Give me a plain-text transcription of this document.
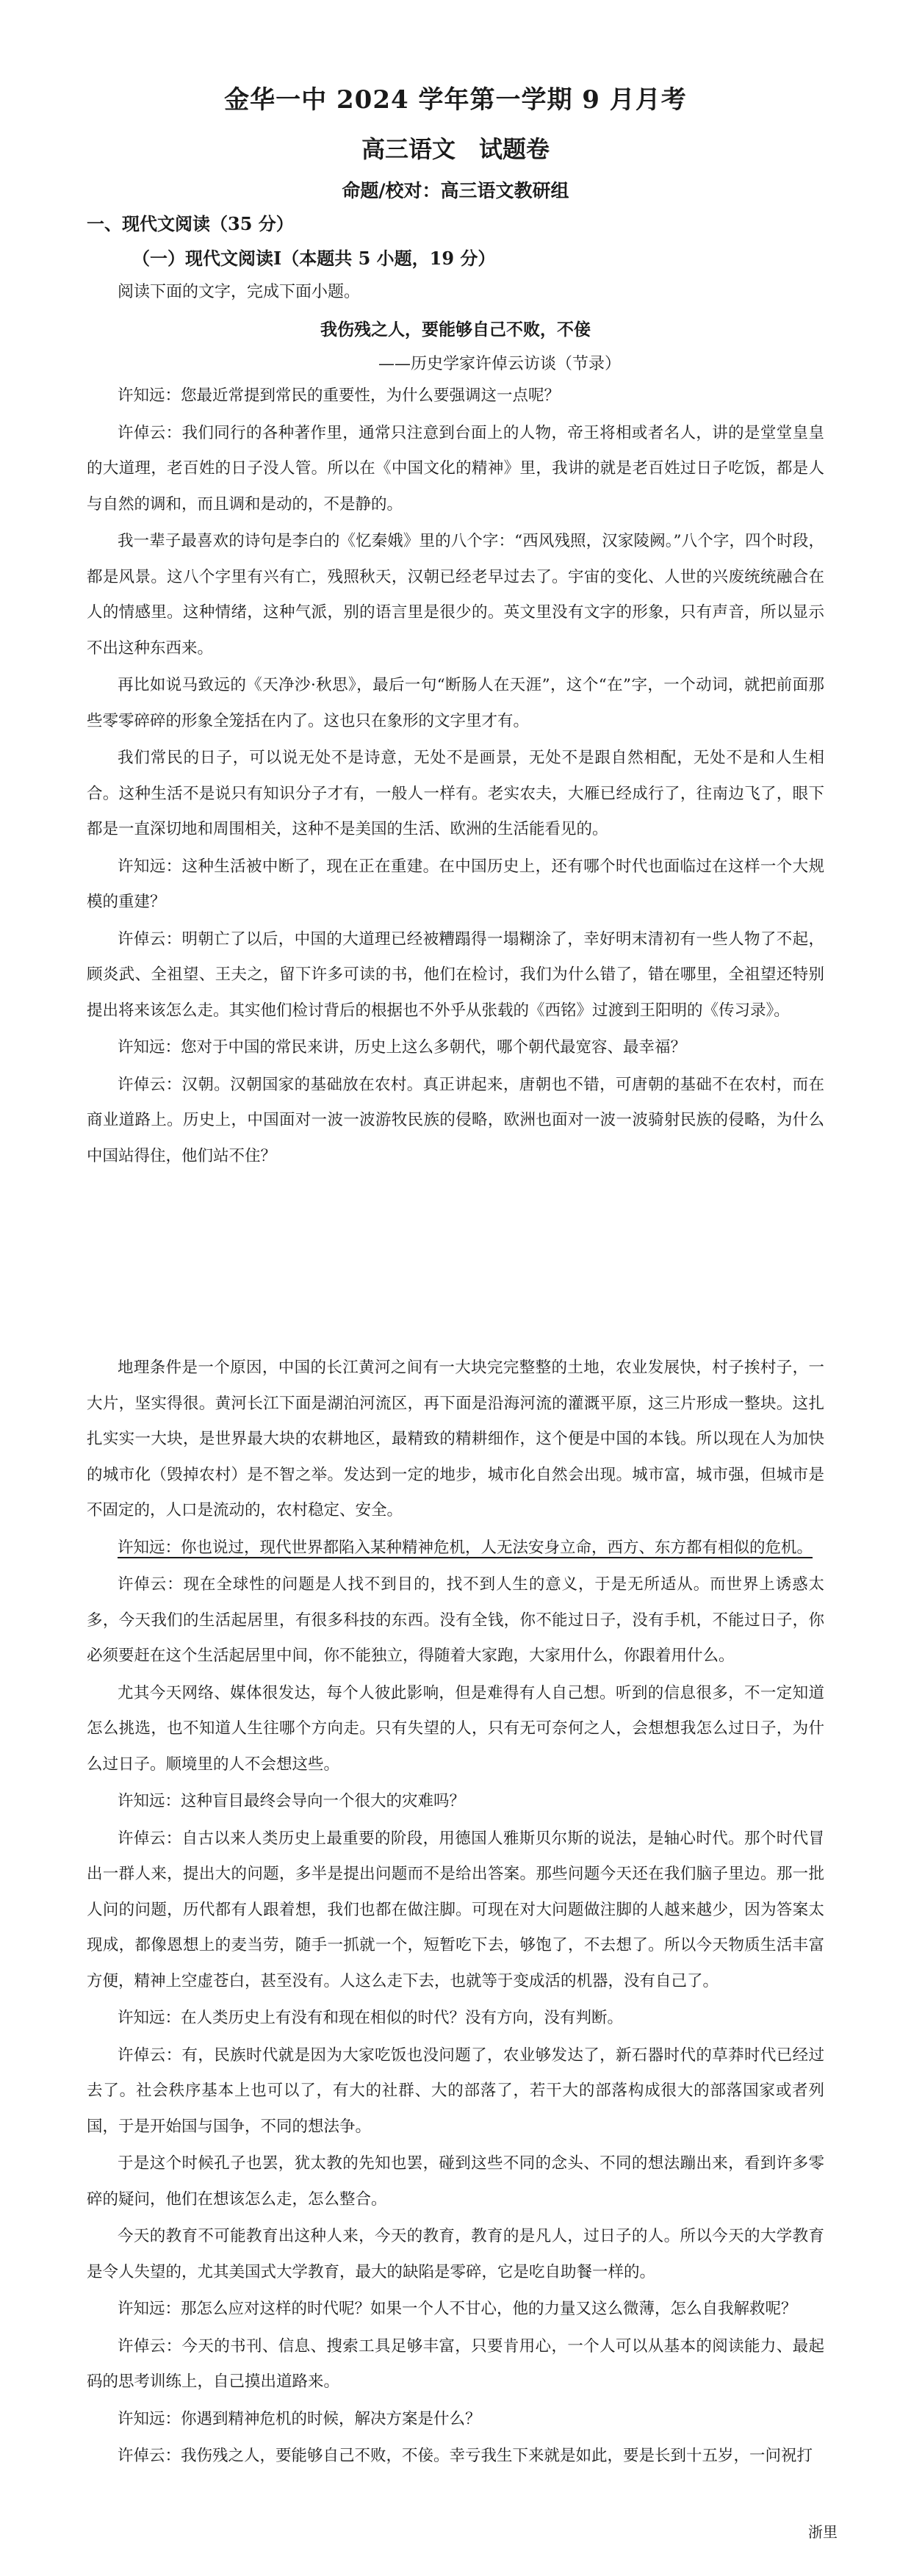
金华一中 2024 学年第一学期 9 月月考
高三语文　试题卷
命题/校对：高三语文教研组
一、现代文阅读（35 分）
（一）现代文阅读Ⅰ（本题共 5 小题，19 分）
阅读下面的文字，完成下面小题。
我伤残之人，要能够自己不败，不倿
——历史学家许倬云访谈（节录）

许知远：您最近常提到常民的重要性，为什么要强调这一点呢？

许倬云：我们同行的各种著作里，通常只注意到台面上的人物，帝王将相或者名人，讲的是堂堂皇皇的大道理，老百姓的日子没人管。所以在《中国文化的精神》里，我讲的就是老百姓过日子吃饭，都是人与自然的调和，而且调和是动的，不是静的。

我一辈子最喜欢的诗句是李白的《忆秦娥》里的八个字：“西风残照，汉家陵阙。”八个字，四个时段，都是风景。这八个字里有兴有亡，残照秋天，汉朝已经老早过去了。宇宙的变化、人世的兴废统统融合在人的情感里。这种情绪，这种气派，别的语言里是很少的。英文里没有文字的形象，只有声音，所以显示不出这种东西来。

再比如说马致远的《天净沙·秋思》，最后一句“断肠人在天涯”，这个“在”字，一个动词，就把前面那些零零碎碎的形象全笼括在内了。这也只在象形的文字里才有。

我们常民的日子，可以说无处不是诗意，无处不是画景，无处不是跟自然相配，无处不是和人生相合。这种生活不是说只有知识分子才有，一般人一样有。老实农夫，大雁已经成行了，往南边飞了，眼下都是一直深切地和周围相关，这种不是美国的生活、欧洲的生活能看见的。

许知远：这种生活被中断了，现在正在重建。在中国历史上，还有哪个时代也面临过在这样一个大规模的重建？

许倬云：明朝亡了以后，中国的大道理已经被糟蹋得一塌糊涂了，幸好明末清初有一些人物了不起，顾炎武、全祖望、王夫之，留下许多可读的书，他们在检讨，我们为什么错了，错在哪里，全祖望还特别提出将来该怎么走。其实他们检讨背后的根据也不外乎从张载的《西铭》过渡到王阳明的《传习录》。

许知远：您对于中国的常民来讲，历史上这么多朝代，哪个朝代最宽容、最幸福？

许倬云：汉朝。汉朝国家的基础放在农村。真正讲起来，唐朝也不错，可唐朝的基础不在农村，而在商业道路上。历史上，中国面对一波一波游牧民族的侵略，欧洲也面对一波一波骑射民族的侵略，为什么中国站得住，他们站不住？

地理条件是一个原因，中国的长江黄河之间有一大块完完整整的土地，农业发展快，村子挨村子，一大片，坚实得很。黄河长江下面是湖泊河流区，再下面是沿海河流的灌溉平原，这三片形成一整块。这扎扎实实一大块，是世界最大块的农耕地区，最精致的精耕细作，这个便是中国的本钱。所以现在人为加快的城市化（毁掉农村）是不智之举。发达到一定的地步，城市化自然会出现。城市富，城市强，但城市是不固定的，人口是流动的，农村稳定、安全。

许知远：你也说过，现代世界都陷入某种精神危机，人无法安身立命，西方、东方都有相似的危机。

许倬云：现在全球性的问题是人找不到目的，找不到人生的意义，于是无所适从。而世界上诱惑太多，今天我们的生活起居里，有很多科技的东西。没有全钱，你不能过日子，没有手机，不能过日子，你必须要赶在这个生活起居里中间，你不能独立，得随着大家跑，大家用什么，你跟着用什么。

尤其今天网络、媒体很发达，每个人彼此影响，但是难得有人自己想。听到的信息很多，不一定知道怎么挑选，也不知道人生往哪个方向走。只有失望的人，只有无可奈何之人，会想想我怎么过日子，为什么过日子。顺境里的人不会想这些。

许知远：这种盲目最终会导向一个很大的灾难吗？

许倬云：自古以来人类历史上最重要的阶段，用德国人雅斯贝尔斯的说法，是轴心时代。那个时代冒出一群人来，提出大的问题，多半是提出问题而不是给出答案。那些问题今天还在我们脑子里边。那一批人问的问题，历代都有人跟着想，我们也都在做注脚。可现在对大问题做注脚的人越来越少，因为答案太现成，都像恩想上的麦当劳，随手一抓就一个，短暂吃下去，够饱了，不去想了。所以今天物质生活丰富方便，精神上空虚苍白，甚至没有。人这么走下去，也就等于变成活的机器，没有自己了。

许知远：在人类历史上有没有和现在相似的时代？没有方向，没有判断。

许倬云：有，民族时代就是因为大家吃饭也没问题了，农业够发达了，新石器时代的草莽时代已经过去了。社会秩序基本上也可以了，有大的社群、大的部落了，若干大的部落构成很大的部落国家或者列国，于是开始国与国争，不同的想法争。

于是这个时候孔子也罢，犹太教的先知也罢，碰到这些不同的念头、不同的想法蹦出来，看到许多零碎的疑问，他们在想该怎么走，怎么整合。

今天的教育不可能教育出这种人来，今天的教育，教育的是凡人，过日子的人。所以今天的大学教育是令人失望的，尤其美国式大学教育，最大的缺陷是零碎，它是吃自助餐一样的。

许知远：那怎么应对这样的时代呢？如果一个人不甘心，他的力量又这么微薄，怎么自我解救呢？

许倬云：今天的书刊、信息、搜索工具足够丰富，只要肯用心，一个人可以从基本的阅读能力、最起码的思考训练上，自己摸出道路来。

许知远：你遇到精神危机的时候，解决方案是什么？

许倬云：我伤残之人，要能够自己不败，不倿。幸亏我生下来就是如此，要是长到十五岁，一问祝打

浙里
